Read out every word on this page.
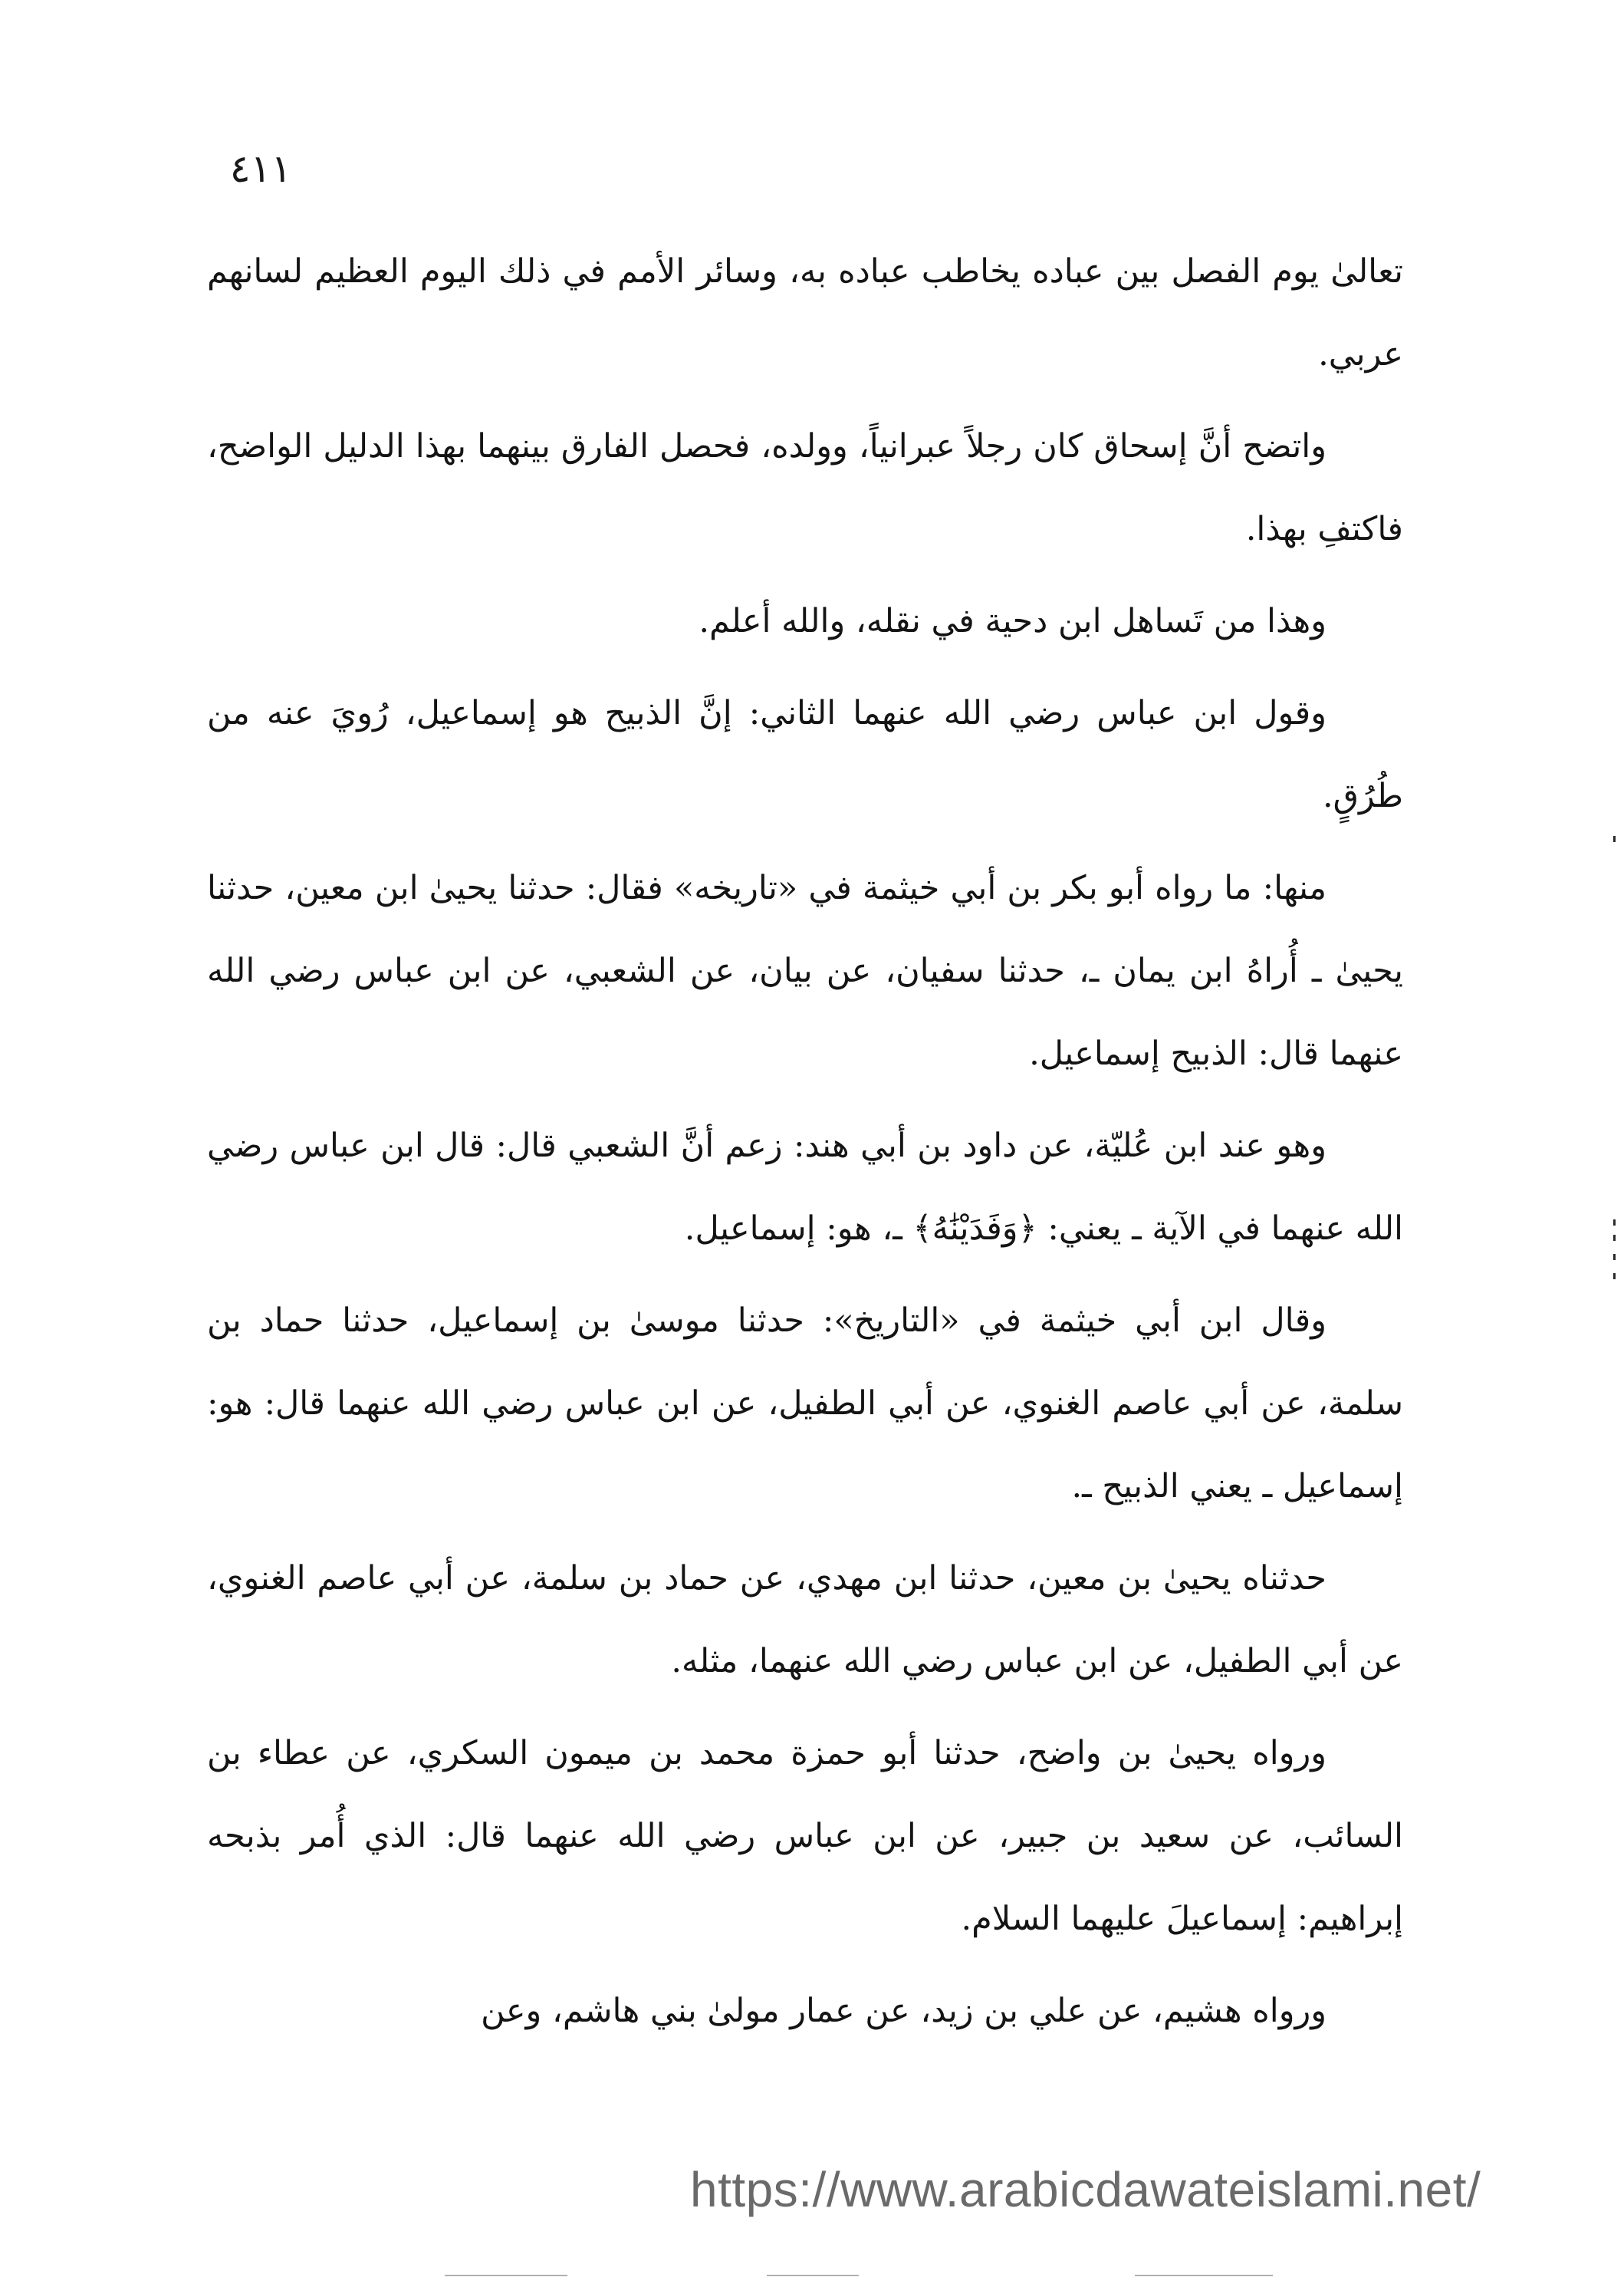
٤١١

تعالىٰ يوم الفصل بين عباده يخاطب عباده به، وسائر الأمم في ذلك اليوم العظيم لسانهم عربي.

واتضح أنَّ إسحاق كان رجلاً عبرانياً، وولده، فحصل الفارق بينهما بهذا الدليل الواضح، فاكتفِ بهذا.

وهذا من تَساهل ابن دحية في نقله، والله أعلم.

وقول ابن عباس رضي الله عنهما الثاني: إنَّ الذبيح هو إسماعيل، رُويَ عنه من طُرُقٍ.

منها: ما رواه أبو بكر بن أبي خيثمة في «تاريخه» فقال: حدثنا يحيىٰ ابن معين، حدثنا يحيىٰ ـ أُراهُ ابن يمان ـ، حدثنا سفيان، عن بيان، عن الشعبي، عن ابن عباس رضي الله عنهما قال: الذبيح إسماعيل.

وهو عند ابن عُليّة، عن داود بن أبي هند: زعم أنَّ الشعبي قال: قال ابن عباس رضي الله عنهما في الآية ـ يعني: ﴿وَفَدَيْنَٰهُ﴾ ـ، هو: إسماعيل.

وقال ابن أبي خيثمة في «التاريخ»: حدثنا موسىٰ بن إسماعيل، حدثنا حماد بن سلمة، عن أبي عاصم الغنوي، عن أبي الطفيل، عن ابن عباس رضي الله عنهما قال: هو: إسماعيل ـ يعني الذبيح ـ.

حدثناه يحيىٰ بن معين، حدثنا ابن مهدي، عن حماد بن سلمة، عن أبي عاصم الغنوي، عن أبي الطفيل، عن ابن عباس رضي الله عنهما، مثله.

ورواه يحيىٰ بن واضح، حدثنا أبو حمزة محمد بن ميمون السكري، عن عطاء بن السائب، عن سعيد بن جبير، عن ابن عباس رضي الله عنهما قال: الذي أُمر بذبحه إبراهيم: إسماعيلَ عليهما السلام.

ورواه هشيم، عن علي بن زيد، عن عمار مولىٰ بني هاشم، وعن

https://www.arabicdawateislami.net/
